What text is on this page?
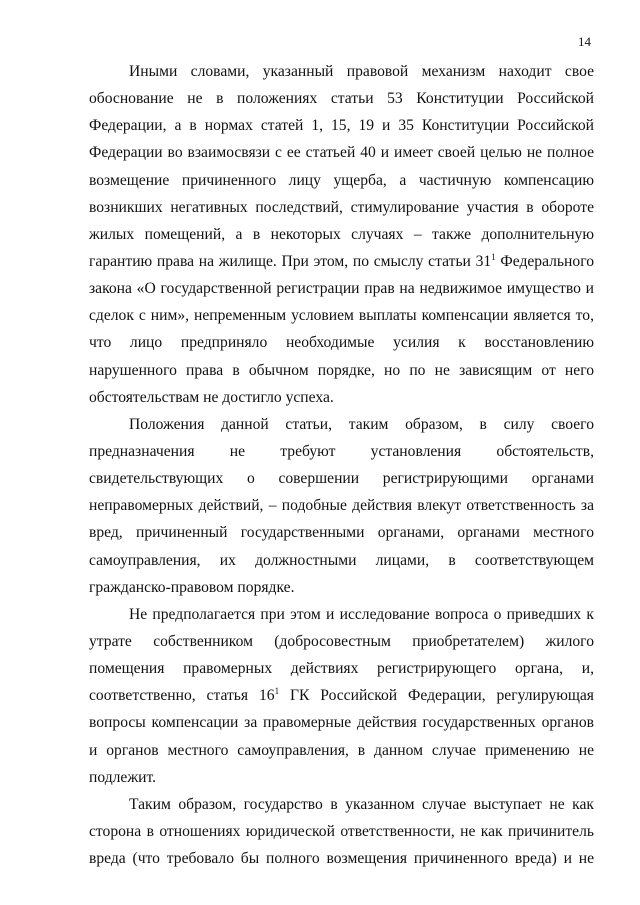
14
Иными словами, указанный правовой механизм находит свое
обоснование не в положениях статьи 53 Конституции Российской
Федерации, а в нормах статей 1, 15, 19 и 35 Конституции Российской
Федерации во взаимосвязи с ее статьей 40 и имеет своей целью не полное
возмещение причиненного лицу ущерба, а частичную компенсацию
возникших негативных последствий, стимулирование участия в обороте
жилых помещений, а в некоторых случаях – также дополнительную
гарантию права на жилище. При этом, по смыслу статьи $31^1$ Федерального
закона «О государственной регистрации прав на недвижимое имущество и
сделок с ним», непременным условием выплаты компенсации является то,
что лицо предприняло необходимые усилия к восстановлению
нарушенного права в обычном порядке, но по не зависящим от него
обстоятельствам не достигло успеха.
Положения данной статьи, таким образом, в силу своего
предназначения не требуют установления обстоятельств,
свидетельствующих о совершении регистрирующими органами
неправомерных действий, – подобные действия влекут ответственность за
вред, причиненный государственными органами, органами местного
самоуправления, их должностными лицами, в соответствующем
гражданско-правовом порядке.
Не предполагается при этом и исследование вопроса о приведших к
утрате собственником (добросовестным приобретателем) жилого
помещения правомерных действиях регистрирующего органа, и,
соответственно, статья $16^1$ ГК Российской Федерации, регулирующая
вопросы компенсации за правомерные действия государственных органов
и органов местного самоуправления, в данном случае применению не
подлежит.
Таким образом, государство в указанном случае выступает не как
сторона в отношениях юридической ответственности, не как причинитель
вреда (что требовало бы полного возмещения причиненного вреда) и не
